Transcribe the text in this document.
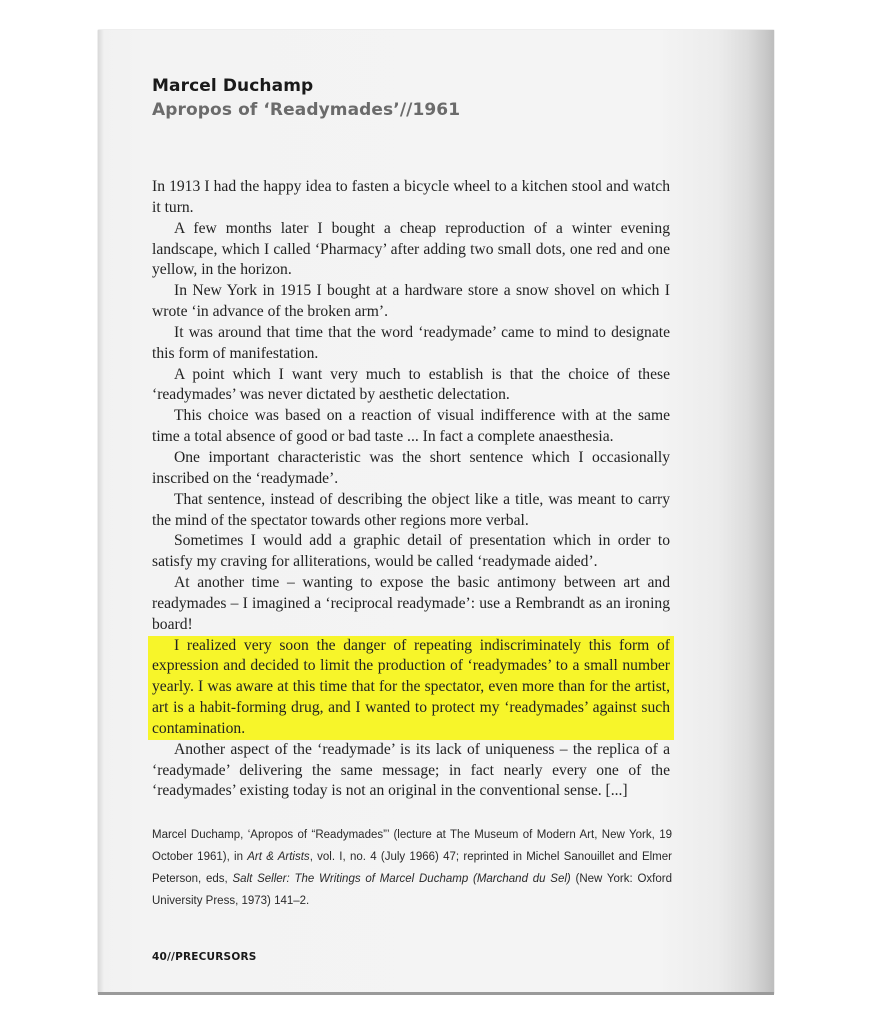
Marcel Duchamp
Apropos of ‘Readymades’//1961

In 1913 I had the happy idea to fasten a bicycle wheel to a kitchen stool and watch it turn.

A few months later I bought a cheap reproduction of a winter evening landscape, which I called ‘Pharmacy’ after adding two small dots, one red and one yellow, in the horizon.

In New York in 1915 I bought at a hardware store a snow shovel on which I wrote ‘in advance of the broken arm’.

It was around that time that the word ‘readymade’ came to mind to designate this form of manifestation.

A point which I want very much to establish is that the choice of these ‘readymades’ was never dictated by aesthetic delectation.

This choice was based on a reaction of visual indifference with at the same time a total absence of good or bad taste ... In fact a complete anaesthesia.

One important characteristic was the short sentence which I occasionally inscribed on the ‘readymade’.

That sentence, instead of describing the object like a title, was meant to carry the mind of the spectator towards other regions more verbal.

Sometimes I would add a graphic detail of presentation which in order to satisfy my craving for alliterations, would be called ‘readymade aided’.

At another time – wanting to expose the basic antimony between art and readymades – I imagined a ‘reciprocal readymade’: use a Rembrandt as an ironing board!

I realized very soon the danger of repeating indiscriminately this form of expression and decided to limit the production of ‘readymades’ to a small number yearly. I was aware at this time that for the spectator, even more than for the artist, art is a habit-forming drug, and I wanted to protect my ‘readymades’ against such contamination.

Another aspect of the ‘readymade’ is its lack of uniqueness – the replica of a ‘readymade’ delivering the same message; in fact nearly every one of the ‘readymades’ existing today is not an original in the conventional sense. [...]

Marcel Duchamp, ‘Apropos of “Readymades”’ (lecture at The Museum of Modern Art, New York, 19 October 1961), in Art & Artists, vol. I, no. 4 (July 1966) 47; reprinted in Michel Sanouillet and Elmer Peterson, eds, Salt Seller: The Writings of Marcel Duchamp (Marchand du Sel) (New York: Oxford University Press, 1973) 141–2.
40//PRECURSORS
